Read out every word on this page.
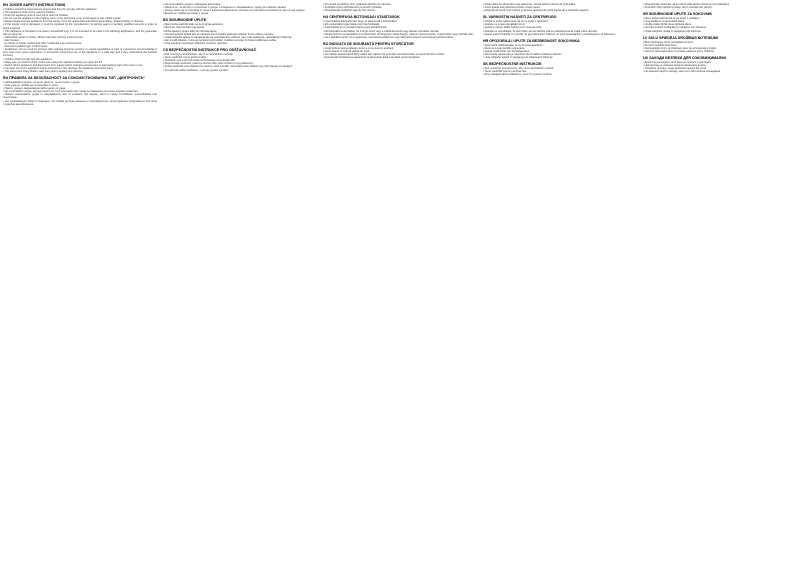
EN JUICER SAFETY INSTRUCTIONS

• Children should be supervised to ensure that they do not play with the appliance.

• This appliance shall not be used by children.

• Keep the appliance and its cord out of reach of children.

• Do not use the appliance if the rotating sieve or the protective cover is damaged or has visible cracks.

• Always disconnect the appliance from the supply if it is left unattended and before assembling, disassembling or cleaning.

• If the supply cord is damaged, it must be replaced by the manufacturer, its service agent or similarly qualified persons in order to avoid a hazard.

• This appliance is intended to be used in household only. It is not intended to be used in the following applications, and the guarantee will not apply for:

- staff kitchen areas in shops, offices and other working environments;

- farm houses;

- by clients in hotels, motels and other residential type environments;

- bed and breakfast type environments.

• Appliances can be used by persons with reduced physical, sensory or mental capabilities or lack of experience and knowledge if they have been given supervision or instruction concerning use of the appliance in a safe way and if they understand the hazards involved.

• Children shall not play with the appliance.

• Make sure you switch off the motor and unplug the appliance before you open the lid.

• Switch off the appliance and disconnect from supply before changing accessories or approaching parts that move in use.

• Improper use of the appliance and its accessories may damage the appliance and cause injury.

• The sieve have sharp blades, take care when handling and cleaning.

RU ПРАВИЛА ЗА БЕЗОПАСНОСТ ЗА СОКОИЗСТИСКВАЧКА ТИП „ЦЕНТРОФУГА“

• Наблюдавайте децата, за да се уверите, че не играят с уреда.

• Този уред не трябва да се използва от деца.

• Пазете уреда и захранващия кабел далеч от деца.

• Не използвайте уреда, ако въртящото се сито или защитният капак са повредени или имат видими пукнатини.

• Винаги изключвайте уреда от захранването, ако го оставяте без надзор, както и преди сглобяване, разглобяване или почистване.

• Ако захранващият кабел е повреден, той трябва да бъде заменен от производителя, негов сервизен представител или лице с подобна квалификация.

• Не използвайте уреда с повредени аксесоари.

• Уверете се, че моторът е изключен и уредът е изключен от захранването, преди да отворите капака.

• Уредът може да се използва от лица с намалени физически, сетивни или умствени способности, ако са под надзор.

• Децата не трябва да играят с уреда.

BS SIGURNOSNE UPUTE

• Djecu treba nadzirati kako se ne bi igrala aparatom.

• Djeca ne smiju koristiti ovaj aparat.

• Držite aparat i njegov kabl van dohvata djece.

• Nemojte koristiti aparat ako je rotirajuće sito ili zaštitni poklopac oštećen ili ima vidljive pukotine.

• Uvijek isključite aparat iz napajanja ako ga ostavljate bez nadzora, kao i prije sklapanja, rastavljanja ili čišćenja.

• Ako je kabl oštećen, mora ga zamijeniti proizvođač, ovlašteni serviser ili druga kvalificirana osoba.

• Ovaj aparat je namijenjen isključivo za kućnu upotrebu.

CS BEZPEČNOSTNÍ INSTRUKCE PRO ODŠŤAVŇOVAČ

• Děti musí být pod dohledem, aby si se spotřebičem nehrály.

• Tento spotřebič nesmí používat děti.

• Spotřebič a jeho přívodní kabel uchovávejte mimo dosah dětí.

• Nepoužívejte spotřebič, pokud je otočné sítko nebo ochranný kryt poškozený.

• Pokud spotřebič ponecháváte bez dozoru, před montáží, demontáží nebo čištěním jej vždy odpojte od napájení.

• Je-li přívodní kabel poškozen, musí jej vyměnit výrobce.

• Po použití spotřebiče vždy vytáhněte zástrčku ze zásuvky.

• Spotřebič a jeho příslušenství po použití vyčistěte.

• Nenechávejte spotřebič zapnutý bez dozoru.

HU CENTRIFUGA BIZTONSÁGI UTASÍTÁSOK

• Gyermekekre felügyelni kell, hogy ne játsszanak a készülékkel.

• Ezt a készüléket gyermekek nem használhatják.

• A készüléket és a vezetékét tartsa gyermekektől távol.

• Ne használja a készüléket, ha a forgó szűrő vagy a védőfedél sérült vagy látható repedései vannak.

• Mindig húzza ki a készüléket a konnektorból, ha felügyelet nélkül hagyja, valamint összeszerelés, szétszerelés vagy tisztítás előtt.

• Ha a tápkábel sérült, azt a gyártónak, szervizképviselőjének vagy hasonlóan képzett személynek kell kicserélnie.

RO INDICAȚII DE SIGURANȚĂ PENTRU STORCĂTOR

• Copiii trebuie supravegheați pentru a nu se juca cu aparatul.

• Acest aparat nu trebuie utilizat de copii.

• Nu utilizați aparatul dacă filtrul rotativ sau capacul de protecție sunt deteriorate sau prezintă fisuri vizibile.

• Deconectați întotdeauna aparatul de la alimentare dacă este lăsat nesupravegheat.

• Dacă cablul de alimentare este deteriorat, acesta trebuie înlocuit de producător.

• Acest aparat este destinat exclusiv uzului casnic.

• Asigurați-vă că ați oprit motorul și ați scos aparatul din priză înainte de a deschide capacul.

SL VARNOSTNI NASVETI ZA CENTRIFUGO

• Otroke je treba nadzorovati, da se ne igrajo z aparatom.

• Aparata ne smejo uporabljati otroci.

• Aparat in njegov kabel hranite izven dosega otrok.

• Aparata ne uporabljajte, če sta vrtljivo sito ali zaščitni pokrov poškodovana ali imata vidne razpoke.

• Aparat vedno izključite iz omrežja, če ga pustite brez nadzora, ter pred sestavljanjem, razstavljanjem ali čiščenjem.

HR OPOZORILA I UPUTE ZA BEZBEDNOST SOKOVNIKA

• Decu treba nadzirati kako se ne bi igrala aparatom.

• Deca ne smeju koristiti ovaj aparat.

• Aparat i kabl držite van domašaja dece.

• Ne koristite aparat ako je rotaciono sito ili zaštitni poklopac oštećen.

• Uvek isključite aparat iz napajanja pre sklapanja ili čišćenja.

SK BEZPEČNOSTNÉ INSTRUKCIE

• Deti musia byť pod dozorom, aby sa so spotrebičom nehrali.

• Tento spotrebič nesmú používať deti.

• Ak je napájací kábel poškodený, musí ho vymeniť výrobca.

• Nepoužívajte spotrebič, ak je otočné sitko alebo ochranný kryt poškodený.

• Spotrebič vždy odpojte od siete, ak ho necháte bez dozoru.

SR SIGURNOSNE UPUTE ZA SOKOVNIK

• Djecu treba nadzirati da se ne igraju s uređajem.

• Ovaj uređaj ne smiju koristiti djeca.

• Uređaj i kabel držite izvan dohvata djece.

• Nemojte koristiti uređaj ako je rotirajuće sito oštećeno.

• Uvijek isključite uređaj iz napajanja prije čišćenja.

LV SULU SPIEDĒJA DROŠĪBAS NOTEIKUMI

• Bērni jāuzrauga, lai tie nerotaļātos ar ierīci.

• Šo ierīci nedrīkst lietot bērni.

• Neizmantojiet ierīci, ja rotējošais siets vai aizsargvāks ir bojāts.

• Vienmēr atvienojiet ierīci no strāvas padeves pirms tīrīšanas.

UK ЗАХОДИ БЕЗПЕКИ ДЛЯ СОКОВИЖИМАЛКИ

• Дітей слід наглядати, щоб вони не гралися з приладом.

• Цей прилад не повинен використовуватися дітьми.

• Тримайте прилад і шнур живлення подалі від дітей.

• Не використовуйте прилад, якщо сито або кришка пошкоджені.
